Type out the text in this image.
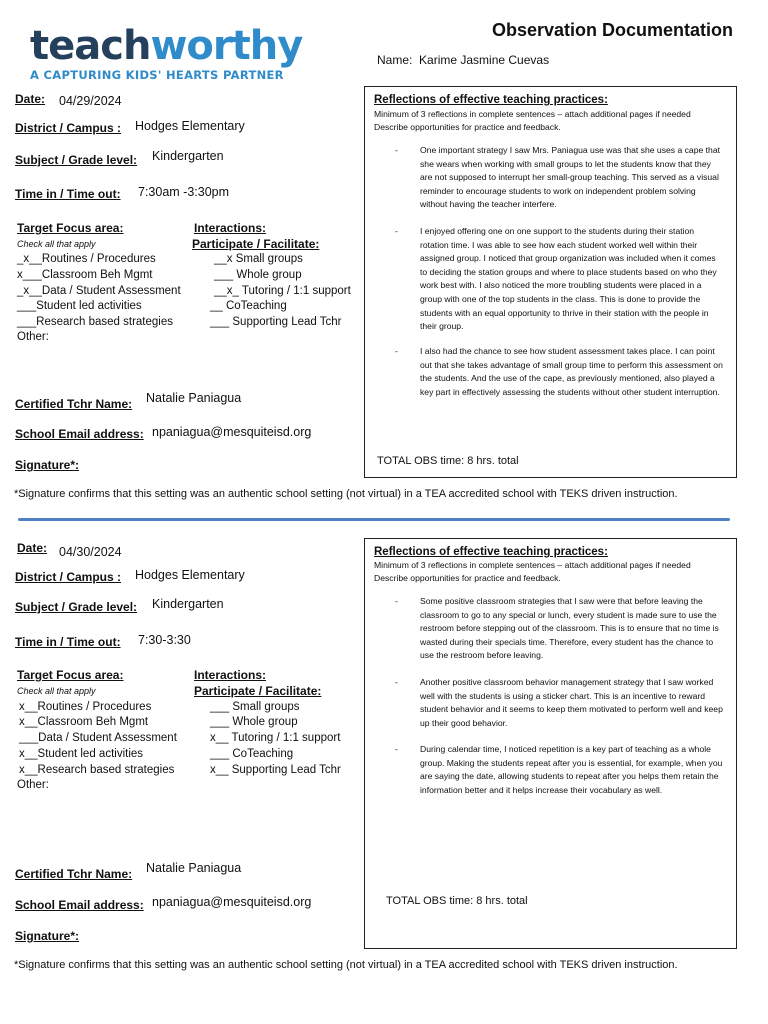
teachworthy
A CAPTURING KIDS' HEARTS PARTNER
Observation Documentation
Name: Karime Jasmine Cuevas
Date: 04/29/2024
District / Campus : Hodges Elementary
Subject / Grade level: Kindergarten
Time in / Time out: 7:30am -3:30pm
Target Focus area:
Check all that apply
_x__Routines / Procedures
x___Classroom Beh Mgmt
_x__Data / Student Assessment
___Student led activities
___Research based strategies
Other:
Interactions:
Participate / Facilitate:
__x Small groups
___ Whole group
__x_ Tutoring / 1:1 support
__ CoTeaching
___ Supporting Lead Tchr
Certified Tchr Name: Natalie Paniagua
School Email address: npaniagua@mesquiteisd.org
Signature*:
Reflections of effective teaching practices:
Minimum of 3 reflections in complete sentences – attach additional pages if needed
Describe opportunities for practice and feedback.
-	One important strategy I saw Mrs. Paniagua use was that she uses a cape that she wears when working with small groups to let the students know that they are not supposed to interrupt her small-group teaching. This served as a visual reminder to encourage students to work on independent problem solving without having the teacher interfere.
-	I enjoyed offering one on one support to the students during their station rotation time. I was able to see how each student worked well within their assigned group. I noticed that group organization was included when it comes to deciding the station groups and where to place students based on who they work best with. I also noticed the more troubling students were placed in a group with one of the top students in the class. This is done to provide the students with an equal opportunity to thrive in their station with the people in their group.
-	I also had the chance to see how student assessment takes place. I can point out that she takes advantage of small group time to perform this assessment on the students. And the use of the cape, as previously mentioned, also played a key part in effectively assessing the students without other student interruption.
TOTAL OBS time: 8 hrs. total
*Signature confirms that this setting was an authentic school setting (not virtual) in a TEA accredited school with TEKS driven instruction.
Date: 04/30/2024
District / Campus : Hodges Elementary
Subject / Grade level: Kindergarten
Time in / Time out: 7:30-3:30
Target Focus area:
Check all that apply
x__Routines / Procedures
x__Classroom Beh Mgmt
___Data / Student Assessment
x__Student led activities
x__Research based strategies
Other:
Interactions:
Participate / Facilitate:
___ Small groups
___ Whole group
x__ Tutoring / 1:1 support
___ CoTeaching
x__ Supporting Lead Tchr
Certified Tchr Name: Natalie Paniagua
School Email address: npaniagua@mesquiteisd.org
Signature*:
Reflections of effective teaching practices:
Minimum of 3 reflections in complete sentences – attach additional pages if needed
Describe opportunities for practice and feedback.
-	Some positive classroom strategies that I saw were that before leaving the classroom to go to any special or lunch, every student is made sure to use the restroom before stepping out of the classroom. This is to ensure that no time is wasted during their specials time. Therefore, every student has the chance to use the restroom before leaving.
-	Another positive classroom behavior management strategy that I saw worked well with the students is using a sticker chart. This is an incentive to reward student behavior and it seems to keep them motivated to perform well and keep up their good behavior.
-	During calendar time, I noticed repetition is a key part of teaching as a whole group. Making the students repeat after you is essential, for example, when you are saying the date, allowing students to repeat after you helps them retain the information better and it helps increase their vocabulary as well.
TOTAL OBS time: 8 hrs. total
*Signature confirms that this setting was an authentic school setting (not virtual) in a TEA accredited school with TEKS driven instruction.
